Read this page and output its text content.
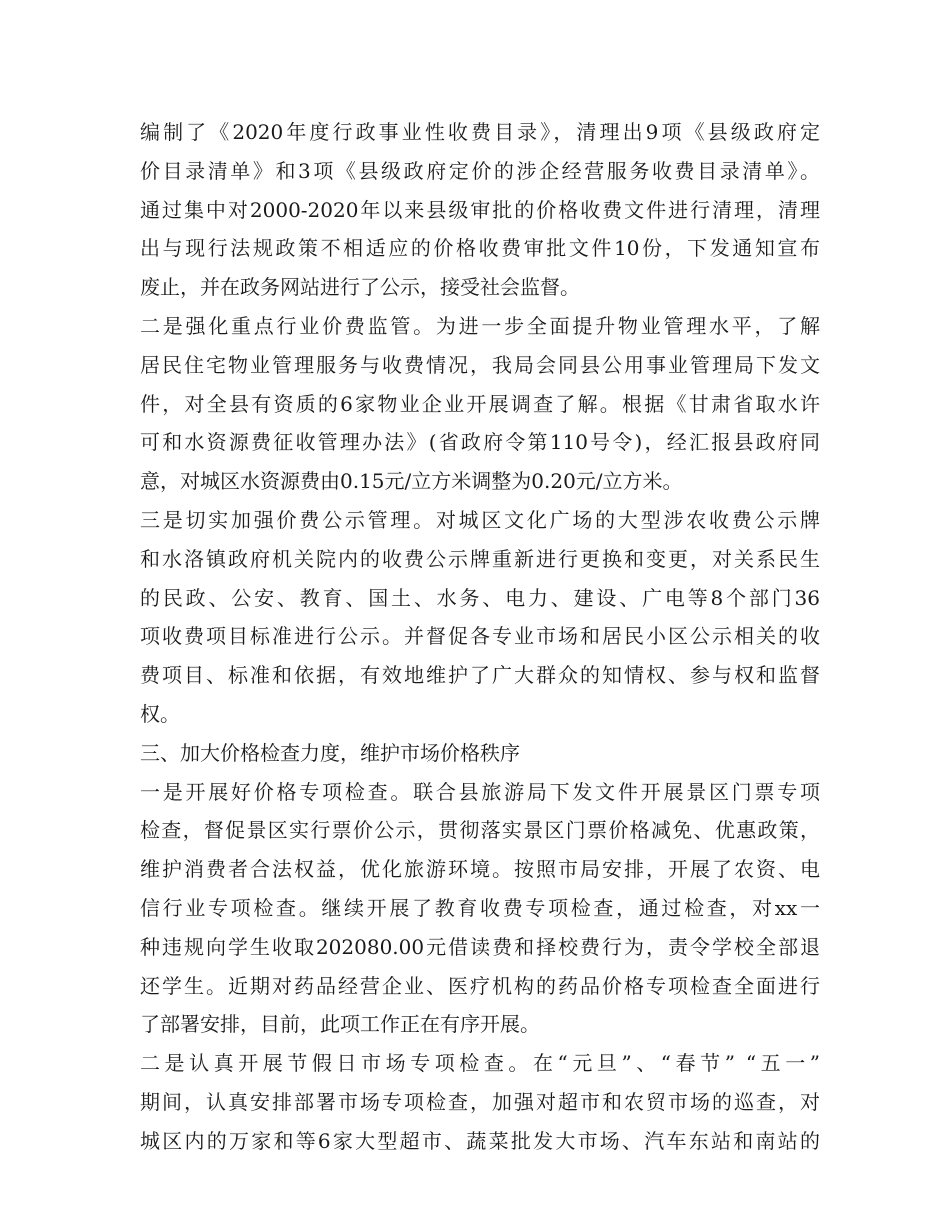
编制了《2020年度行政事业性收费目录》，清理出9项《县级政府定
价目录清单》和3项《县级政府定价的涉企经营服务收费目录清单》。
通过集中对2000-2020年以来县级审批的价格收费文件进行清理，清理
出与现行法规政策不相适应的价格收费审批文件10份，下发通知宣布
废止，并在政务网站进行了公示，接受社会监督。
二是强化重点行业价费监管。为进一步全面提升物业管理水平，了解
居民住宅物业管理服务与收费情况，我局会同县公用事业管理局下发文
件，对全县有资质的6家物业企业开展调查了解。根据《甘肃省取水许
可和水资源费征收管理办法》(省政府令第110号令)，经汇报县政府同
意，对城区水资源费由0.15元/立方米调整为0.20元/立方米。
三是切实加强价费公示管理。对城区文化广场的大型涉农收费公示牌
和水洛镇政府机关院内的收费公示牌重新进行更换和变更，对关系民生
的民政、公安、教育、国土、水务、电力、建设、广电等8个部门36
项收费项目标准进行公示。并督促各专业市场和居民小区公示相关的收
费项目、标准和依据，有效地维护了广大群众的知情权、参与权和监督
权。
三、加大价格检查力度，维护市场价格秩序
一是开展好价格专项检查。联合县旅游局下发文件开展景区门票专项
检查，督促景区实行票价公示，贯彻落实景区门票价格减免、优惠政策，
维护消费者合法权益，优化旅游环境。按照市局安排，开展了农资、电
信行业专项检查。继续开展了教育收费专项检查，通过检查，对xx一
种违规向学生收取202080.00元借读费和择校费行为，责令学校全部退
还学生。近期对药品经营企业、医疗机构的药品价格专项检查全面进行
了部署安排，目前，此项工作正在有序开展。
二是认真开展节假日市场专项检查。在“元旦”、“春节” “五一”
期间，认真安排部署市场专项检查，加强对超市和农贸市场的巡查，对
城区内的万家和等6家大型超市、蔬菜批发大市场、汽车东站和南站的
